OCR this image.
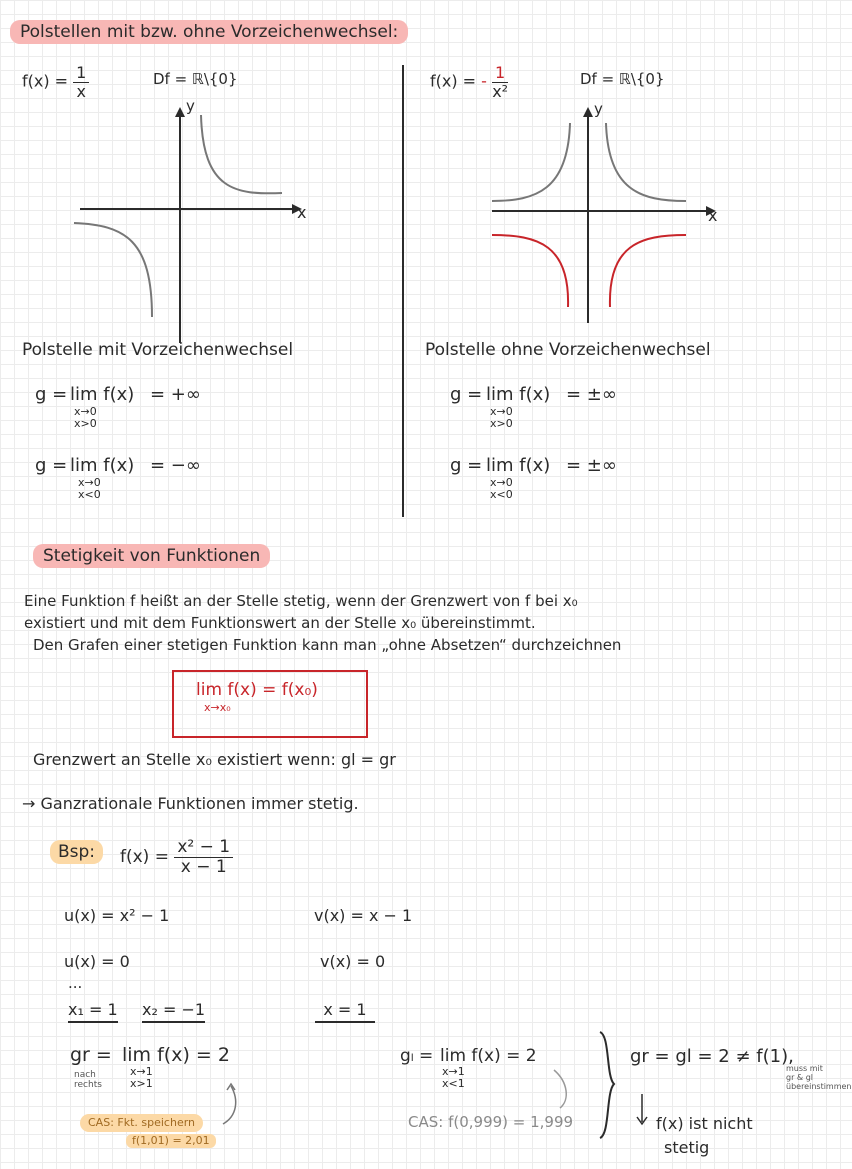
Polstellen mit bzw. ohne Vorzeichenwechsel:
$f(x) = \frac{1}{x}$	Df = ℝ\{0}
x
y
Polstelle mit Vorzeichenwechsel
g = lim f(x)
x→0
x>0
= +∞
g = lim f(x)
x→0
x<0
= −∞
f(x) = - $\frac{1}{\text{x²}}$	Df = ℝ\{0}
x
y
Polstelle ohne Vorzeichenwechsel
g = lim f(x)
x→0
x>0
= ±∞
g = lim f(x)
x→0
x<0
= ±∞
Stetigkeit von Funktionen
Eine Funktion f heißt an der Stelle stetig, wenn der Grenzwert von f bei x₀
existiert und mit dem Funktionswert an der Stelle x₀ übereinstimmt.
Den Grafen einer stetigen Funktion kann man „ohne Absetzen“ durchzeichnen
lim f(x) = f(x₀)
x→x₀
Grenzwert an Stelle x₀ existiert wenn: gl = gr
→ Ganzrationale Funktionen immer stetig.
Bsp:	$f(x) = \frac{\text{x² − 1}}{x - 1}$
u(x) = x² − 1	v(x) = x − 1
u(x) = 0	v(x) = 0
...
x₁ = 1 x₂ = −1	x = 1
gr = lim f(x) = 2
x→1
x>1
nach rechts
CAS: Fkt. speichern
f(1,01) = 2,01
gₗ = lim f(x) = 2
x→1
x<1
CAS: f(0,999) = 1,999
gr = gl = 2 ≠ f(1),
muss mit gr & gl übereinstimmen
f(x) ist nicht
stetig
